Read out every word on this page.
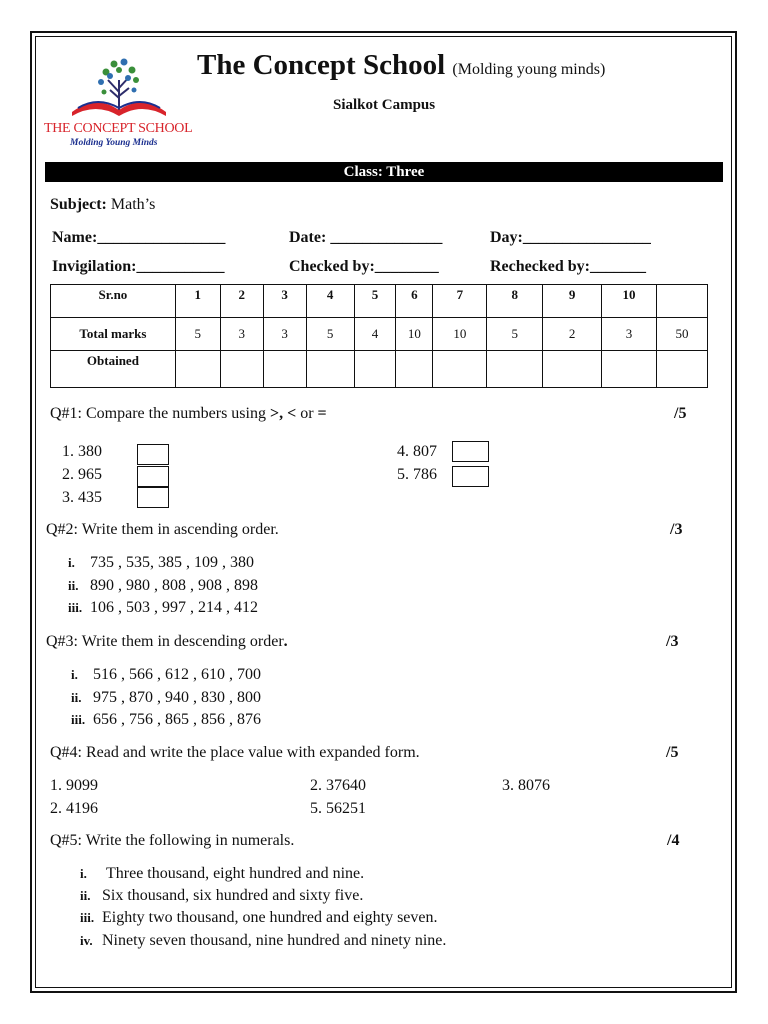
THE CONCEPT SCHOOL
Molding Young Minds
The Concept School (Molding young minds)
Sialkot Campus
Class: Three
Subject: Math’s
Name:________________	Date: ______________	Day:________________
Invigilation:___________	Checked by:________	Rechecked by:_______
Sr.no	1	2	3	4	5	6	7	8	9	10	
Total marks	5	3	3	5	4	10	10	5	2	3	50
Obtained											
Q#1: Compare the numbers using >, < or =	/5
1. 380
2. 965
3. 435
4. 807
5. 786
Q#2: Write them in ascending order.	/3
i. 735 , 535, 385 , 109 , 380
ii. 890 , 980 , 808 , 908 , 898
iii. 106 , 503 , 997 , 214 , 412
Q#3: Write them in descending order.	/3
i. 516 , 566 , 612 , 610 , 700
ii. 975 , 870 , 940 , 830 , 800
iii. 656 , 756 , 865 , 856 , 876
Q#4: Read and write the place value with expanded form.	/5
1. 9099	2. 37640	3. 8076
2. 4196	5. 56251
Q#5: Write the following in numerals.	/4
i. Three thousand, eight hundred and nine.
ii. Six thousand, six hundred and sixty five.
iii. Eighty two thousand, one hundred and eighty seven.
iv. Ninety seven thousand, nine hundred and ninety nine.
